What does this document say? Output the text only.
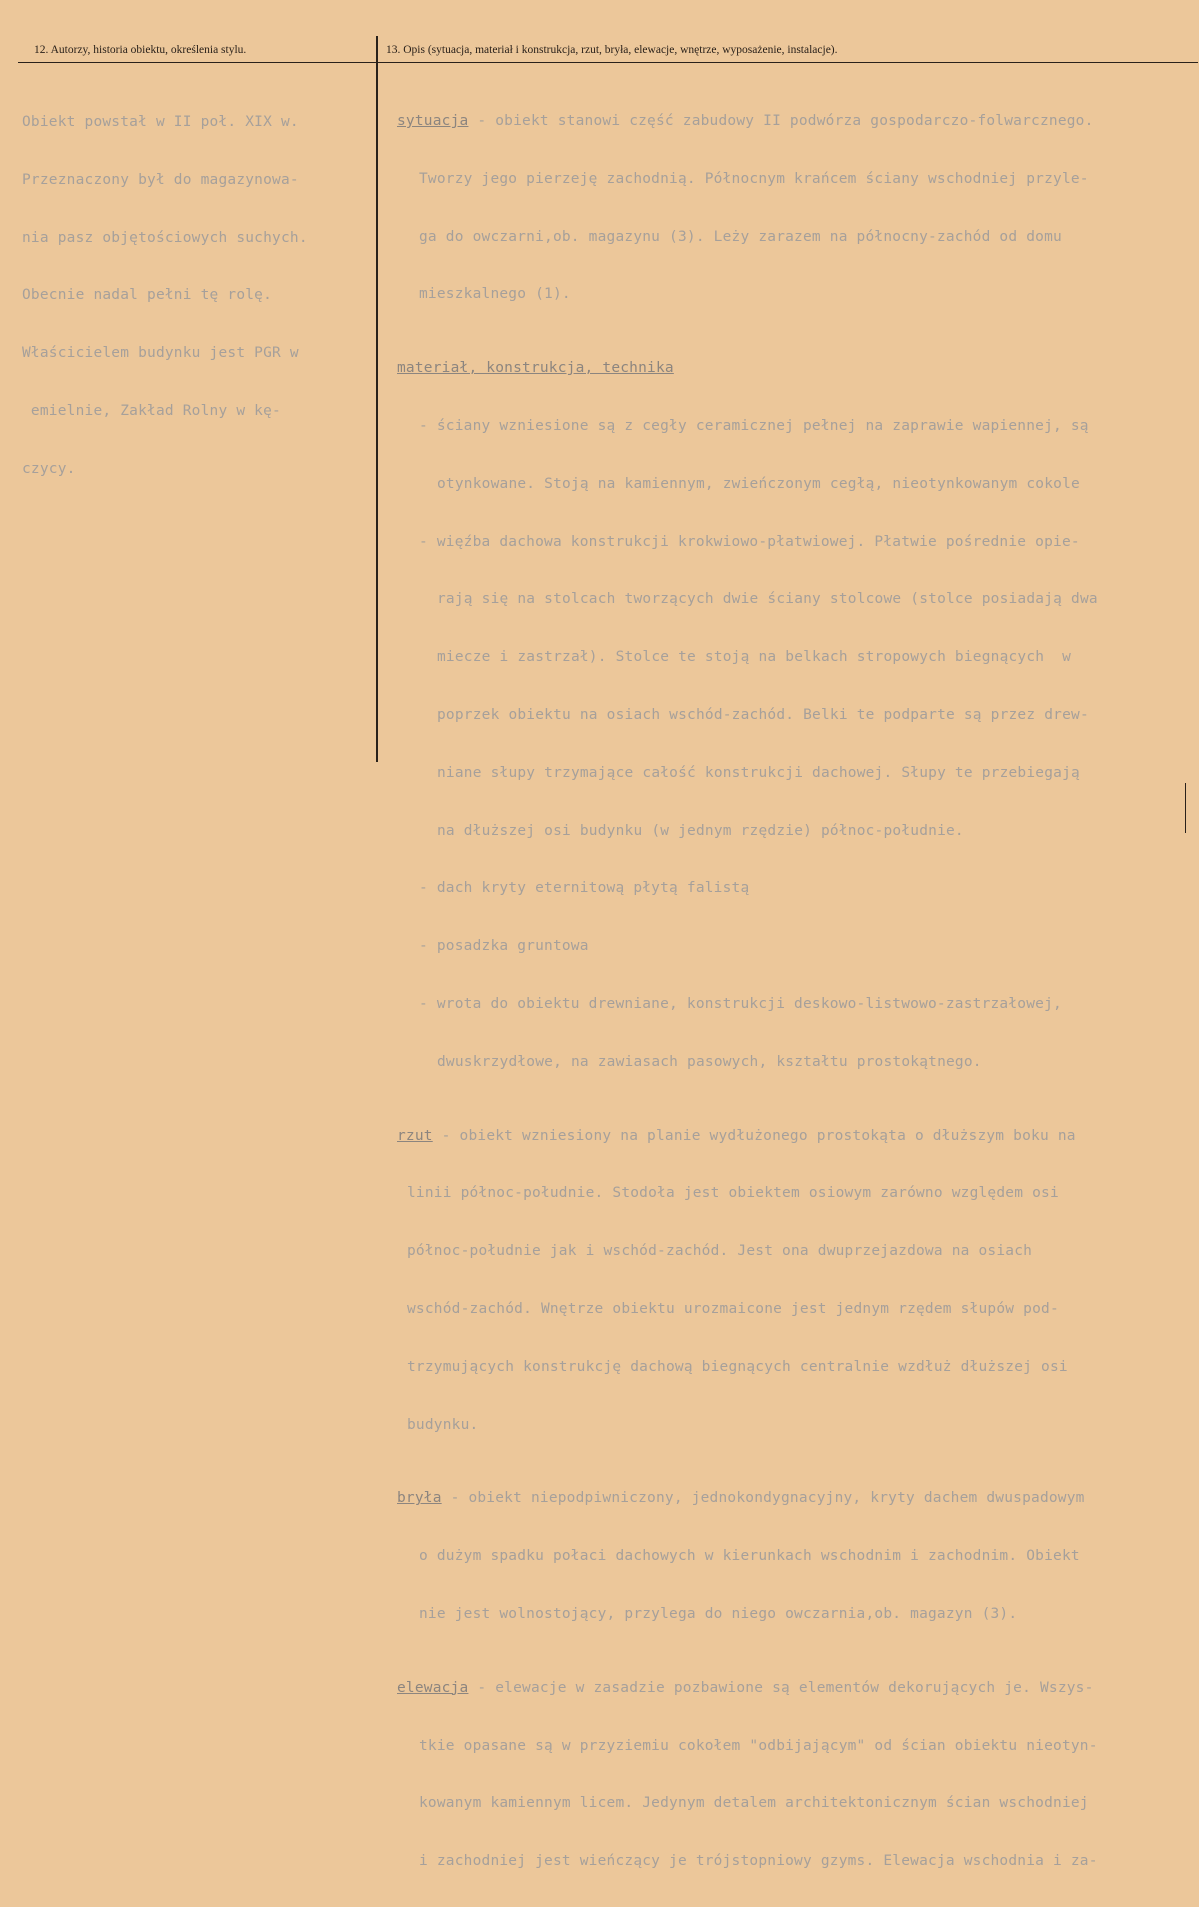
12. Autorzy, historia obiektu, określenia stylu.	13. Opis (sytuacja, materiał i konstrukcja, rzut, bryła, elewacje, wnętrze, wyposażenie, instalacje).

Obiekt powstał w II poł. XIX w.

Przeznaczony był do magazynowa-

nia pasz objętościowych suchych.

Obecnie nadal pełni tę rolę.

Właścicielem budynku jest PGR w

emielnie, Zakład Rolny w kę-

czycy.

sytuacja - obiekt stanowi część zabudowy II podwórza gospodarczo-folwarcznego.

Tworzy jego pierzeję zachodnią. Północnym krańcem ściany wschodniej przyle-

ga do owczarni,ob. magazynu (3). Leży zarazem na północny-zachód od domu

mieszkalnego (1).

materiał, konstrukcja, technika

- ściany wzniesione są z cegły ceramicznej pełnej na zaprawie wapiennej, są

otynkowane. Stoją na kamiennym, zwieńczonym cegłą, nieotynkowanym cokole

- więźba dachowa konstrukcji krokwiowo-płatwiowej. Płatwie pośrednie opie-

rają się na stolcach tworzących dwie ściany stolcowe (stolce posiadają dwa

miecze i zastrzał). Stolce te stoją na belkach stropowych biegnących  w

poprzek obiektu na osiach wschód-zachód. Belki te podparte są przez drew-

niane słupy trzymające całość konstrukcji dachowej. Słupy te przebiegają

na dłuższej osi budynku (w jednym rzędzie) północ-południe.

- dach kryty eternitową płytą falistą

- posadzka gruntowa

- wrota do obiektu drewniane, konstrukcji deskowo-listwowo-zastrzałowej,

dwuskrzydłowe, na zawiasach pasowych, kształtu prostokątnego.

rzut - obiekt wzniesiony na planie wydłużonego prostokąta o dłuższym boku na

linii północ-południe. Stodoła jest obiektem osiowym zarówno względem osi

północ-południe jak i wschód-zachód. Jest ona dwuprzejazdowa na osiach

wschód-zachód. Wnętrze obiektu urozmaicone jest jednym rzędem słupów pod-

trzymujących konstrukcję dachową biegnących centralnie wzdłuż dłuższej osi

budynku.

bryła - obiekt niepodpiwniczony, jednokondygnacyjny, kryty dachem dwuspadowym

o dużym spadku połaci dachowych w kierunkach wschodnim i zachodnim. Obiekt

nie jest wolnostojący, przylega do niego owczarnia,ob. magazyn (3).

elewacja - elewacje w zasadzie pozbawione są elementów dekorujących je. Wszys-

tkie opasane są w przyziemiu cokołem "odbijającym" od ścian obiektu nieotyn-

kowanym kamiennym licem. Jedynym detalem architektonicznym ścian wschodniej

i zachodniej jest wieńczący je trójstopniowy gzyms. Elewacja wschodnia i za-
